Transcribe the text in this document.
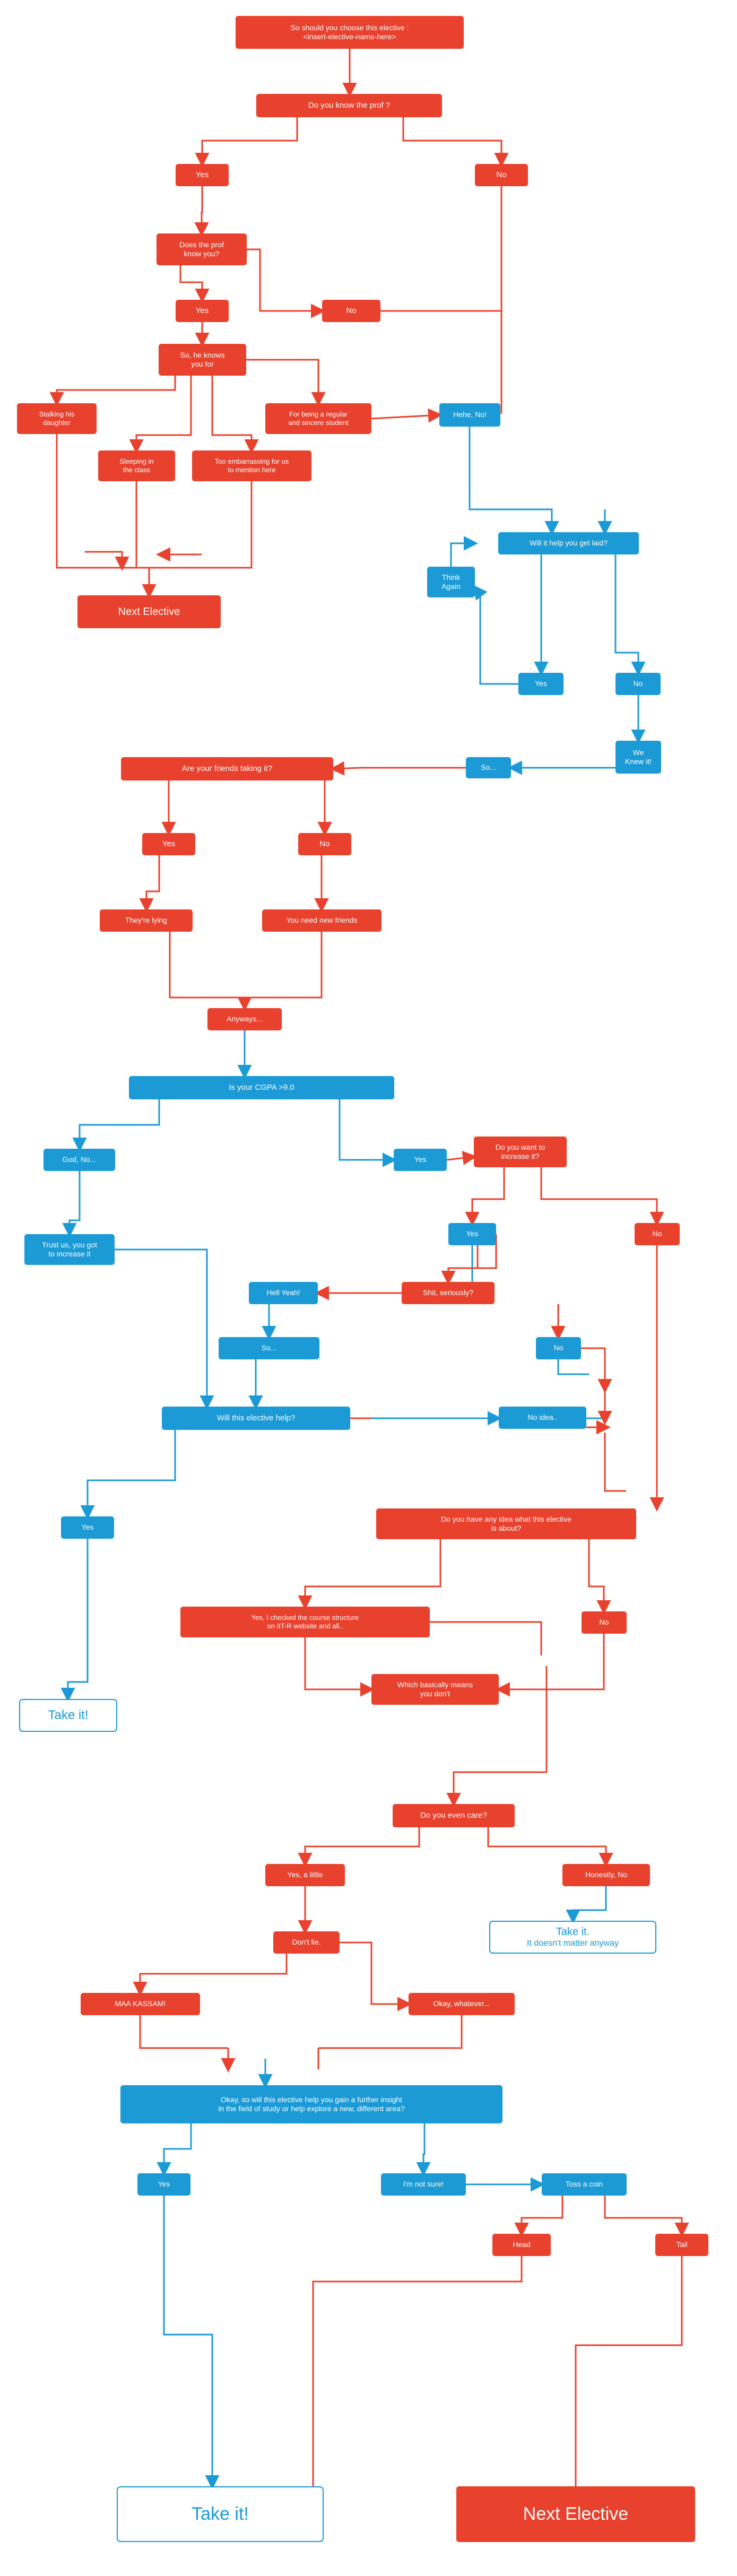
So should you choose this elective :
<insert-elective-name-here>
Do you know the prof ?
Yes	No
Does the prof
know you?
Yes	No
So, he knows
you for
Stalking his
daughter
Sleeping in
the class
Too embarrassing for us
to mention here
For being a regular
and sincere student
Hehe, No!
Next Elective
Will it help you get laid?
Think
Again
Yes	No
We
Knew it!
So...
Are your friends taking it?
Yes	No
They're lying	You need new friends
Anyways...
Is your CGPA >9.0
God, No...	Yes
Do you want to
increase it?
Yes	No
Trust us, you got
to increase it
Hell Yeah!	Shit, seriously?
So...	No
Will this elective help?	No idea..
Yes
Do you have any idea what this elective
is about?
Yes, I checked the course structure
on IIT-R website and all..	No
Which basically means
you don't
Take it!
Do you even care?
Yes, a little	Honestly, No
Don't lie.
Take it.
It doesn't matter anyway
MAA KASSAM!	Okay, whatever...
Okay, so will this elective help you gain a further insight
in the field of study or help explore a new, different area?
Yes	I'm not sure!	Toss a coin
Head	Tail
Take it!	Next Elective
